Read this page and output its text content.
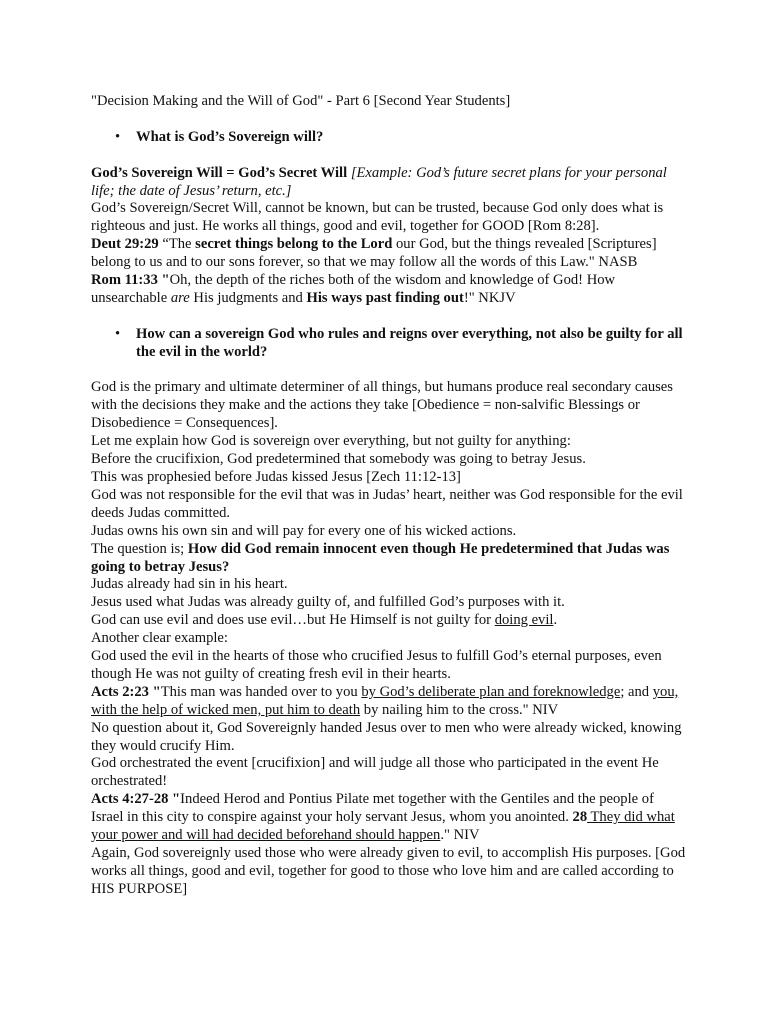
"Decision Making and the Will of God" - Part 6 [Second Year Students]

• What is God’s Sovereign will?

God’s Sovereign Will = God’s Secret Will [Example: God’s future secret plans for your personal life; the date of Jesus’ return, etc.]

God’s Sovereign/Secret Will, cannot be known, but can be trusted, because God only does what is righteous and just. He works all things, good and evil, together for GOOD [Rom 8:28].

Deut 29:29 “The secret things belong to the Lord our God, but the things revealed [Scriptures] belong to us and to our sons forever, so that we may follow all the words of this Law." NASB

Rom 11:33 "Oh, the depth of the riches both of the wisdom and knowledge of God! How unsearchable are His judgments and His ways past finding out!" NKJV

• How can a sovereign God who rules and reigns over everything, not also be guilty for all the evil in the world?

God is the primary and ultimate determiner of all things, but humans produce real secondary causes with the decisions they make and the actions they take [Obedience = non-salvific Blessings or Disobedience = Consequences].

Let me explain how God is sovereign over everything, but not guilty for anything:

Before the crucifixion, God predetermined that somebody was going to betray Jesus.

This was prophesied before Judas kissed Jesus [Zech 11:12-13]

God was not responsible for the evil that was in Judas’ heart, neither was God responsible for the evil deeds Judas committed.

Judas owns his own sin and will pay for every one of his wicked actions.

The question is; How did God remain innocent even though He predetermined that Judas was going to betray Jesus?

Judas already had sin in his heart.

Jesus used what Judas was already guilty of, and fulfilled God’s purposes with it.

God can use evil and does use evil…but He Himself is not guilty for doing evil.

Another clear example:

God used the evil in the hearts of those who crucified Jesus to fulfill God’s eternal purposes, even though He was not guilty of creating fresh evil in their hearts.

Acts 2:23 "This man was handed over to you by God’s deliberate plan and foreknowledge; and you, with the help of wicked men, put him to death by nailing him to the cross." NIV

No question about it, God Sovereignly handed Jesus over to men who were already wicked, knowing they would crucify Him.

God orchestrated the event [crucifixion] and will judge all those who participated in the event He orchestrated!

Acts 4:27-28 "Indeed Herod and Pontius Pilate met together with the Gentiles and the people of Israel in this city to conspire against your holy servant Jesus, whom you anointed. 28 They did what your power and will had decided beforehand should happen." NIV

Again, God sovereignly used those who were already given to evil, to accomplish His purposes. [God works all things, good and evil, together for good to those who love him and are called according to HIS PURPOSE]
